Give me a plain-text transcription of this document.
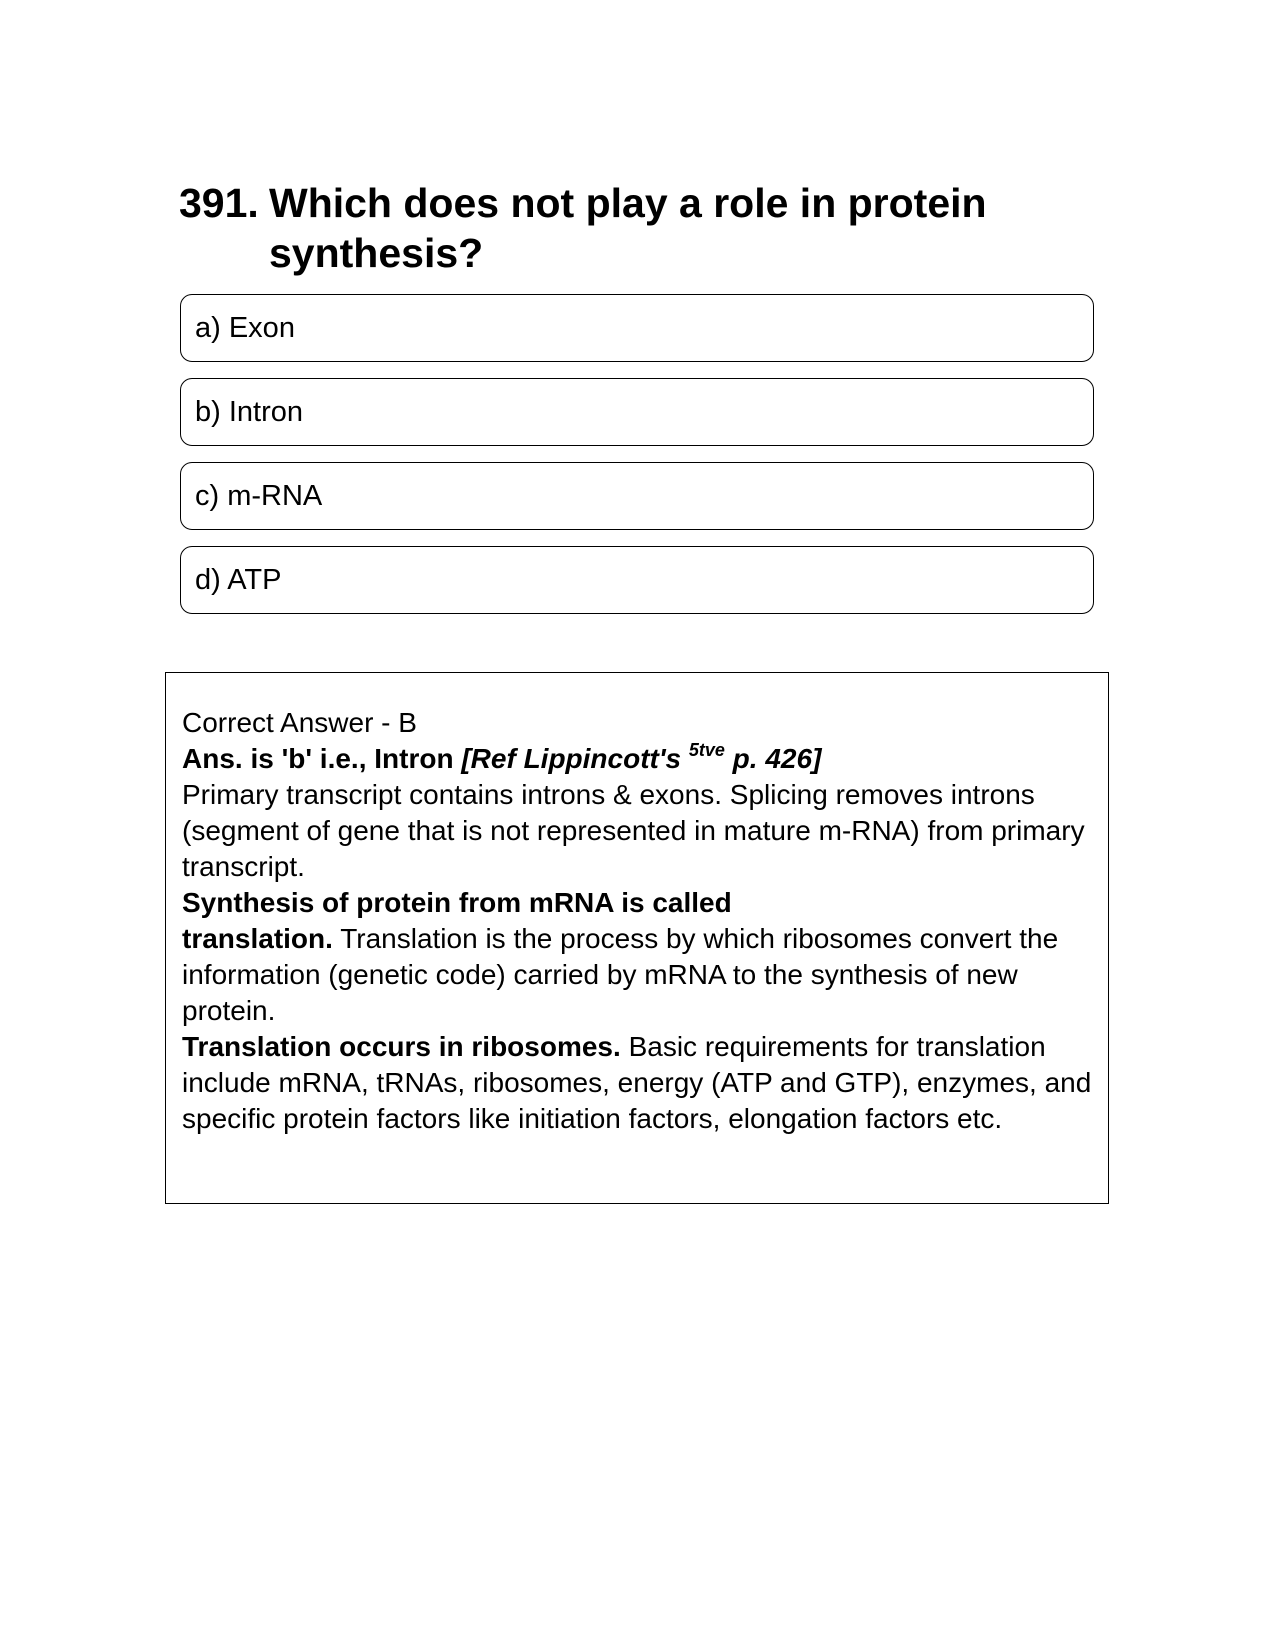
391. Which does not play a role in protein synthesis?
a) Exon
b) Intron
c) m-RNA
d) ATP
Correct Answer - B
Ans. is 'b' i.e., Intron [Ref Lippincott's $^{5tve}$ p. 426]
Primary transcript contains introns & exons. Splicing removes introns (segment of gene that is not represented in mature m-RNA) from primary transcript.
Synthesis of protein from mRNA is called
translation. Translation is the process by which ribosomes convert the information (genetic code) carried by mRNA to the synthesis of new protein.
Translation occurs in ribosomes. Basic requirements for translation include mRNA, tRNAs, ribosomes, energy (ATP and GTP), enzymes, and specific protein factors like initiation factors, elongation factors etc.
